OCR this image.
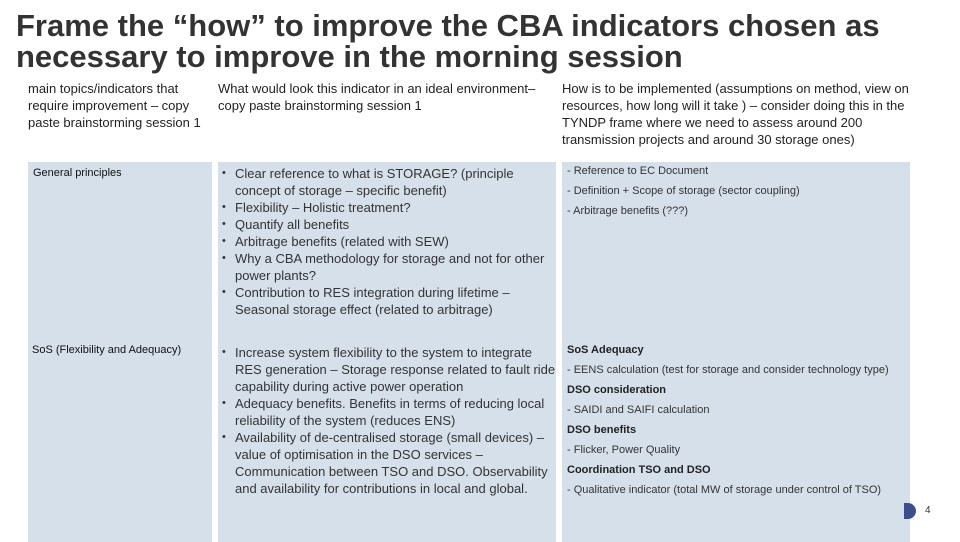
Frame the “how” to improve the CBA indicators chosen as necessary to improve in the morning session
main topics/indicators that require improvement – copy paste brainstorming session 1
What would look this indicator in an ideal environment– copy paste brainstorming session 1
How is to be implemented (assumptions on method, view on resources, how long will it take ) – consider doing this in the TYNDP frame where we need to assess around 200 transmission projects and around 30 storage ones)
General principles	• Clear reference to what is STORAGE? (principle concept of storage – specific benefit)
• Flexibility – Holistic treatment?
• Quantify all benefits
• Arbitrage benefits (related with SEW)
• Why a CBA methodology for storage and not for other power plants?
• Contribution to RES integration during lifetime – Seasonal storage effect (related to arbitrage)

- Reference to EC Document

- Definition + Scope of storage (sector coupling)

- Arbitrage benefits (???)

SoS (Flexibility and Adequacy)	• Increase system flexibility to the system to integrate RES generation – Storage response related to fault ride capability during active power operation
• Adequacy benefits. Benefits in terms of reducing local reliability of the system (reduces ENS)
• Availability of de-centralised storage (small devices) – value of optimisation in the DSO services – Communication between TSO and DSO. Observability and availability for contributions in local and global.

SoS Adequacy

- EENS calculation (test for storage and consider technology type)

DSO consideration

- SAIDI and SAIFI calculation

DSO benefits

- Flicker, Power Quality

Coordination TSO and DSO

- Qualitative indicator (total MW of storage under control of TSO)

4
